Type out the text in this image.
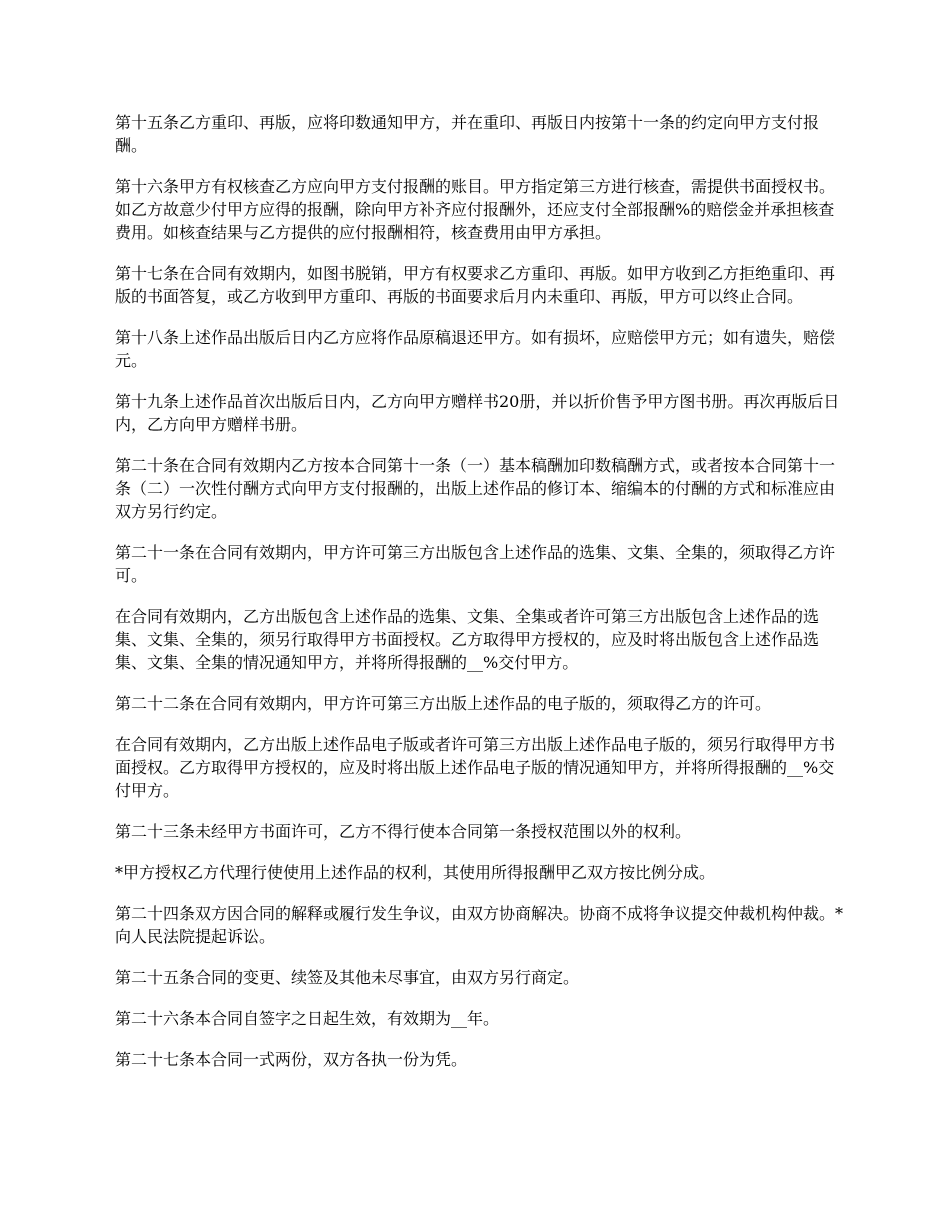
第十五条乙方重印、再版，应将印数通知甲方，并在重印、再版日内按第十一条的约定向甲方支付报酬。

第十六条甲方有权核查乙方应向甲方支付报酬的账目。甲方指定第三方进行核查，需提供书面授权书。如乙方故意少付甲方应得的报酬，除向甲方补齐应付报酬外，还应支付全部报酬%的赔偿金并承担核查费用。如核查结果与乙方提供的应付报酬相符，核查费用由甲方承担。

第十七条在合同有效期内，如图书脱销，甲方有权要求乙方重印、再版。如甲方收到乙方拒绝重印、再版的书面答复，或乙方收到甲方重印、再版的书面要求后月内未重印、再版，甲方可以终止合同。

第十八条上述作品出版后日内乙方应将作品原稿退还甲方。如有损坏，应赔偿甲方元；如有遗失，赔偿元。

第十九条上述作品首次出版后日内，乙方向甲方赠样书20册，并以折价售予甲方图书册。再次再版后日内，乙方向甲方赠样书册。

第二十条在合同有效期内乙方按本合同第十一条（一）基本稿酬加印数稿酬方式，或者按本合同第十一条（二）一次性付酬方式向甲方支付报酬的，出版上述作品的修订本、缩编本的付酬的方式和标准应由双方另行约定。

第二十一条在合同有效期内，甲方许可第三方出版包含上述作品的选集、文集、全集的，须取得乙方许可。

在合同有效期内，乙方出版包含上述作品的选集、文集、全集或者许可第三方出版包含上述作品的选集、文集、全集的，须另行取得甲方书面授权。乙方取得甲方授权的，应及时将出版包含上述作品选集、文集、全集的情况通知甲方，并将所得报酬的__%交付甲方。

第二十二条在合同有效期内，甲方许可第三方出版上述作品的电子版的，须取得乙方的许可。

在合同有效期内，乙方出版上述作品电子版或者许可第三方出版上述作品电子版的，须另行取得甲方书面授权。乙方取得甲方授权的，应及时将出版上述作品电子版的情况通知甲方，并将所得报酬的__%交付甲方。

第二十三条未经甲方书面许可，乙方不得行使本合同第一条授权范围以外的权利。

*甲方授权乙方代理行使使用上述作品的权利，其使用所得报酬甲乙双方按比例分成。

第二十四条双方因合同的解释或履行发生争议，由双方协商解决。协商不成将争议提交仲裁机构仲裁。*向人民法院提起诉讼。

第二十五条合同的变更、续签及其他未尽事宜，由双方另行商定。

第二十六条本合同自签字之日起生效，有效期为__年。

第二十七条本合同一式两份，双方各执一份为凭。
